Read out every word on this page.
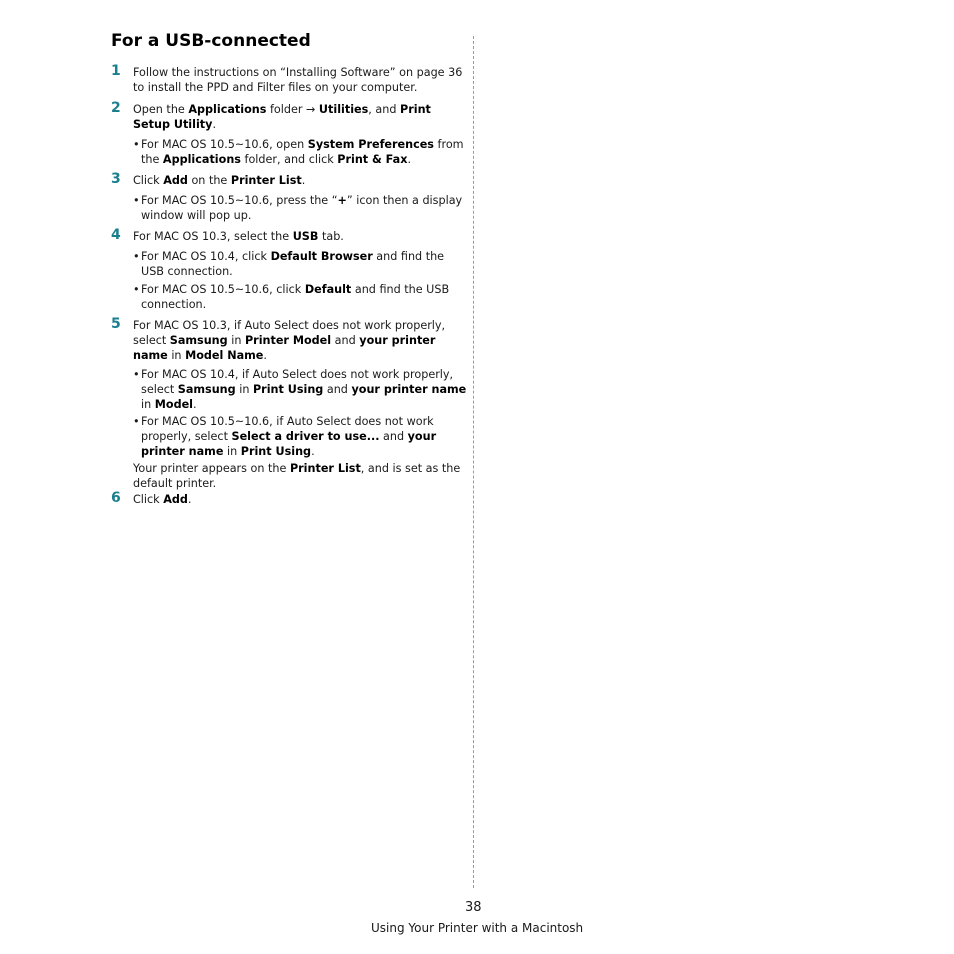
For a USB-connected
1 Follow the instructions on “Installing Software” on page 36
to install the PPD and Filter files on your computer.

2 Open the Applications folder → Utilities, and Print
Setup Utility.

• For MAC OS 10.5~10.6, open System Preferences from
the Applications folder, and click Print & Fax.

3 Click Add on the Printer List.

• For MAC OS 10.5~10.6, press the “+” icon then a display
window will pop up.

4 For MAC OS 10.3, select the USB tab.

• For MAC OS 10.4, click Default Browser and find the
USB connection.

• For MAC OS 10.5~10.6, click Default and find the USB
connection.

5 For MAC OS 10.3, if Auto Select does not work properly,
select Samsung in Printer Model and your printer
name in Model Name.

• For MAC OS 10.4, if Auto Select does not work properly,
select Samsung in Print Using and your printer name
in Model.

• For MAC OS 10.5~10.6, if Auto Select does not work
properly, select Select a driver to use... and your
printer name in Print Using.

Your printer appears on the Printer List, and is set as the
default printer.

6 Click Add.

38
Using Your Printer with a Macintosh
